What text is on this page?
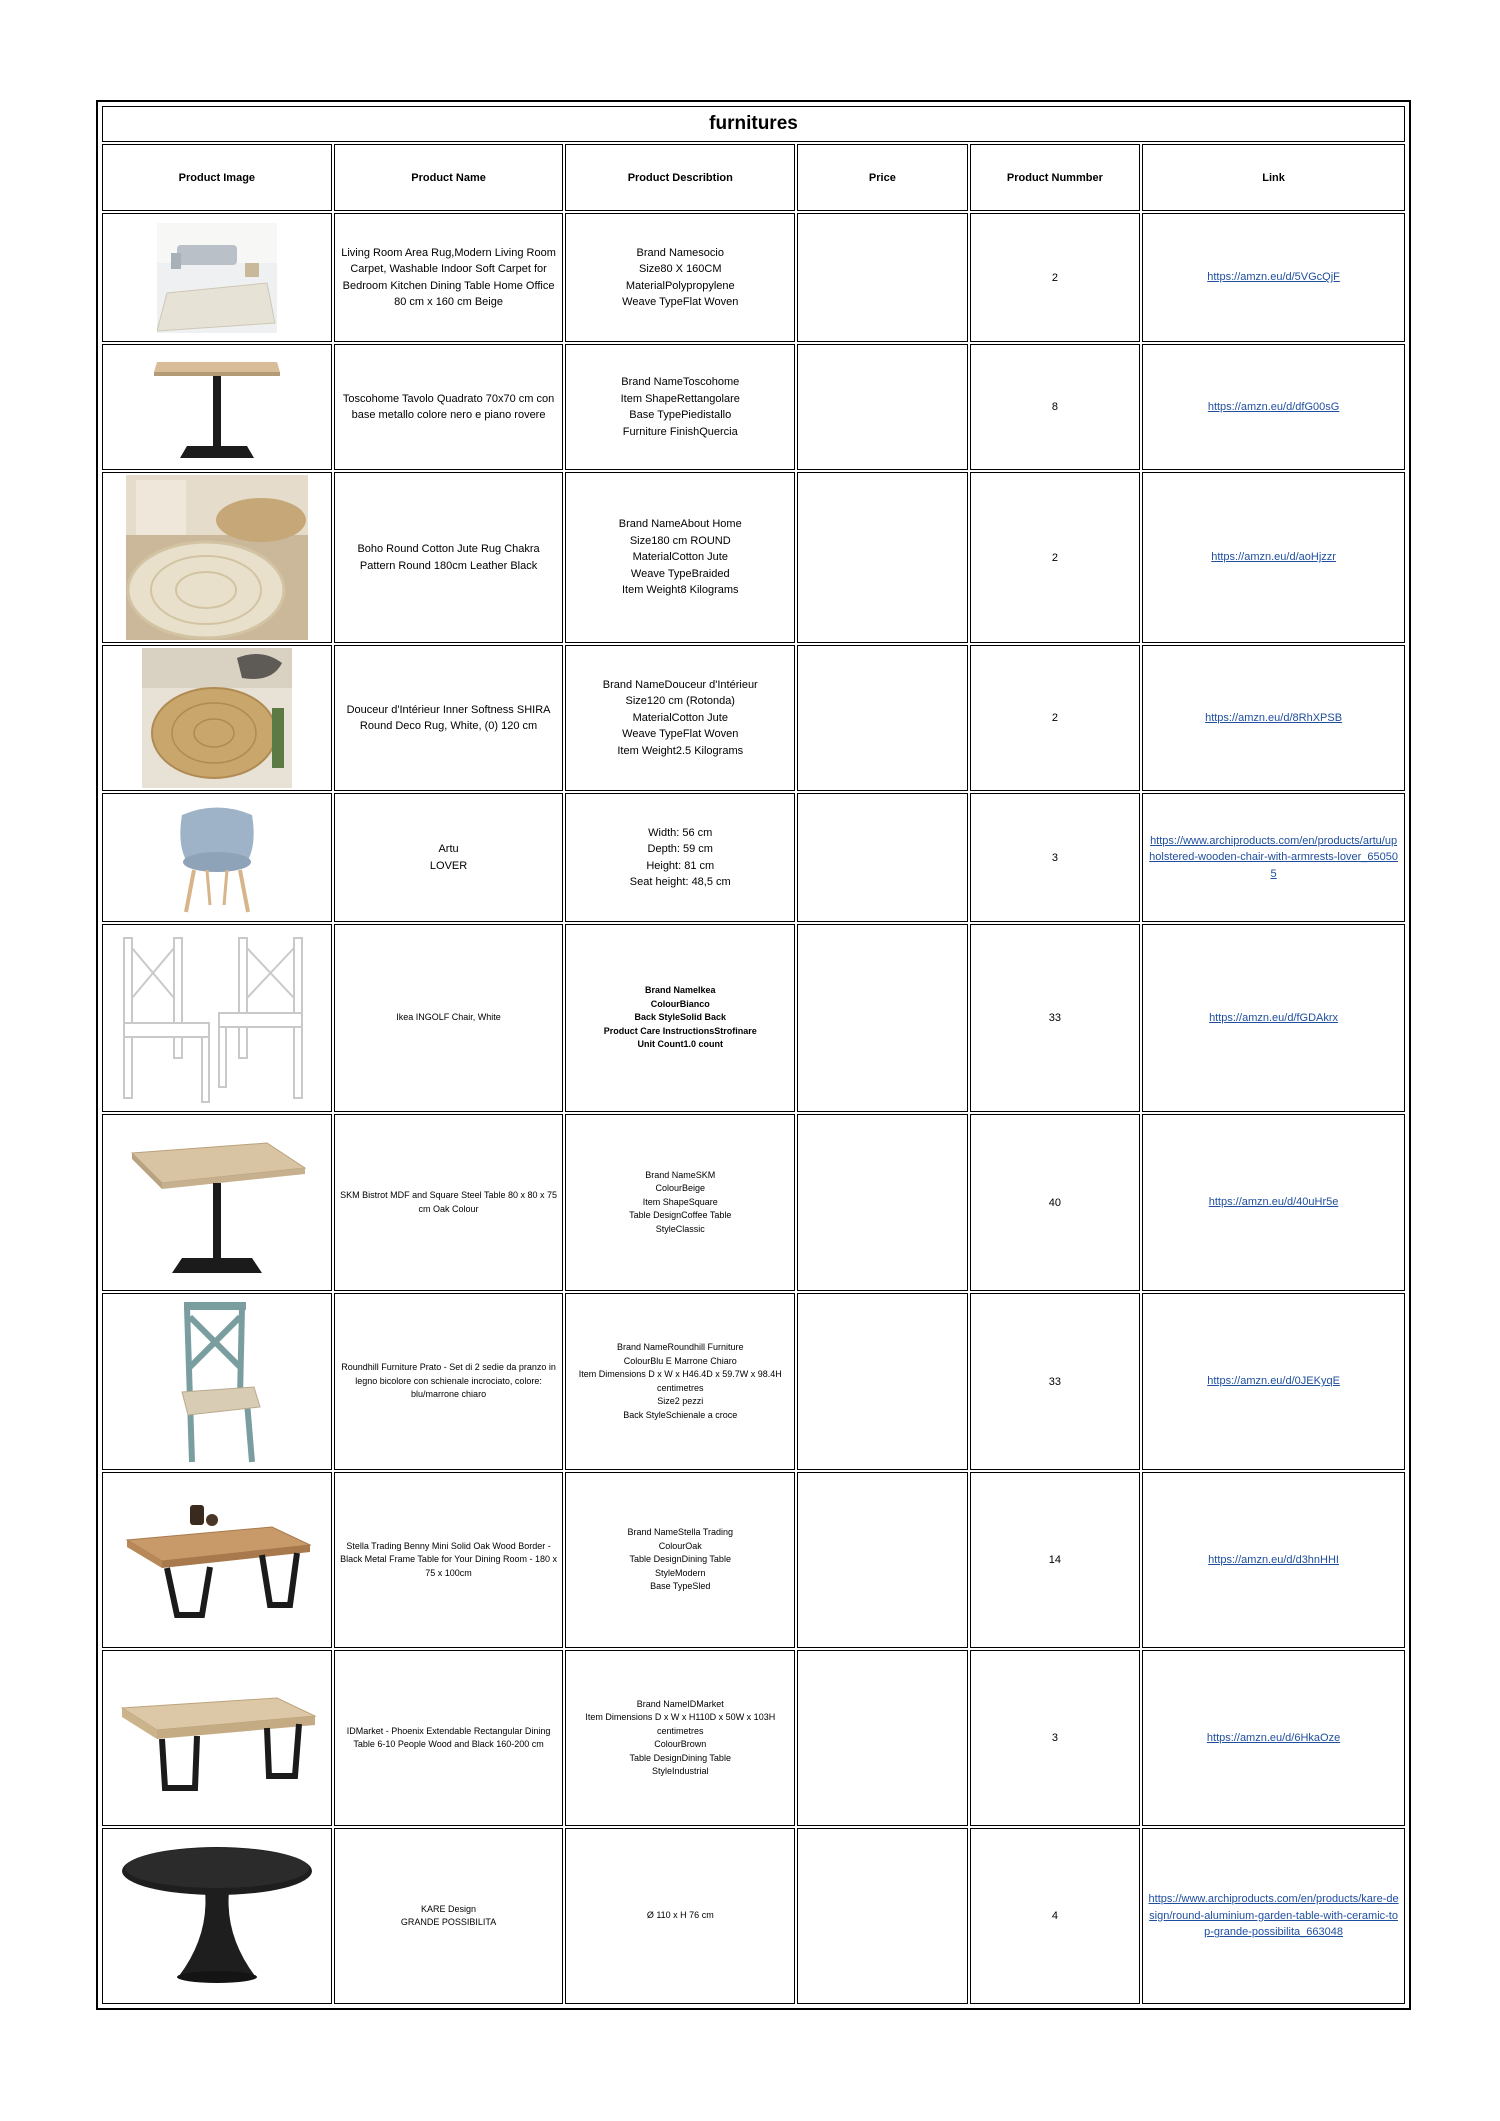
furnitures					
Product Image	Product Name	Product Describtion	Price	Product Nummber	Link

	Living Room Area Rug,Modern Living Room Carpet, Washable Indoor Soft Carpet for Bedroom Kitchen Dining Table Home Office 80 cm x 160 cm Beige	Brand Namesocio
Size80 X 160CM
MaterialPolypropylene
Weave TypeFlat Woven		2	https://amzn.eu/d/5VGcQjF

	Toscohome Tavolo Quadrato 70x70 cm con base metallo colore nero e piano rovere	Brand NameToscohome
Item ShapeRettangolare
Base TypePiedistallo
Furniture FinishQuercia		8	https://amzn.eu/d/dfG00sG

	Boho Round Cotton Jute Rug Chakra Pattern Round 180cm Leather Black	Brand NameAbout Home
Size180 cm ROUND
MaterialCotton Jute
Weave TypeBraided
Item Weight8 Kilograms		2	https://amzn.eu/d/aoHjzzr

	Douceur d'Intérieur Inner Softness SHIRA Round Deco Rug, White, (0) 120 cm	Brand NameDouceur d'Intérieur
Size120 cm (Rotonda)
MaterialCotton Jute
Weave TypeFlat Woven
Item Weight2.5 Kilograms		2	https://amzn.eu/d/8RhXPSB

	Artu
LOVER	Width: 56 cm
Depth: 59 cm
Height: 81 cm
Seat height: 48,5 cm		3	https://www.archiproducts.com/en/products/artu/upholstered-wooden-chair-with-armrests-lover_650505

	Ikea INGOLF Chair, White	Brand NameIkea
ColourBianco
Back StyleSolid Back
Product Care InstructionsStrofinare
Unit Count1.0 count		33	https://amzn.eu/d/fGDAkrx

	SKM Bistrot MDF and Square Steel Table 80 x 80 x 75 cm Oak Colour	Brand NameSKM
ColourBeige
Item ShapeSquare
Table DesignCoffee Table
StyleClassic		40	https://amzn.eu/d/40uHr5e

	Roundhill Furniture Prato - Set di 2 sedie da pranzo in legno bicolore con schienale incrociato, colore: blu/marrone chiaro	Brand NameRoundhill Furniture
ColourBlu E Marrone Chiaro
Item Dimensions D x W x H46.4D x 59.7W x 98.4H centimetres
Size2 pezzi
Back StyleSchienale a croce		33	https://amzn.eu/d/0JEKyqE

	Stella Trading Benny Mini Solid Oak Wood Border - Black Metal Frame Table for Your Dining Room - 180 x 75 x 100cm	Brand NameStella Trading
ColourOak
Table DesignDining Table
StyleModern
Base TypeSled		14	https://amzn.eu/d/d3hnHHI

	IDMarket - Phoenix Extendable Rectangular Dining Table 6-10 People Wood and Black 160-200 cm	Brand NameIDMarket
Item Dimensions D x W x H110D x 50W x 103H centimetres
ColourBrown
Table DesignDining Table
StyleIndustrial		3	https://amzn.eu/d/6HkaOze

	KARE Design
GRANDE POSSIBILITA	Ø 110 x H 76 cm		4	https://www.archiproducts.com/en/products/kare-design/round-aluminium-garden-table-with-ceramic-top-grande-possibilita_663048
